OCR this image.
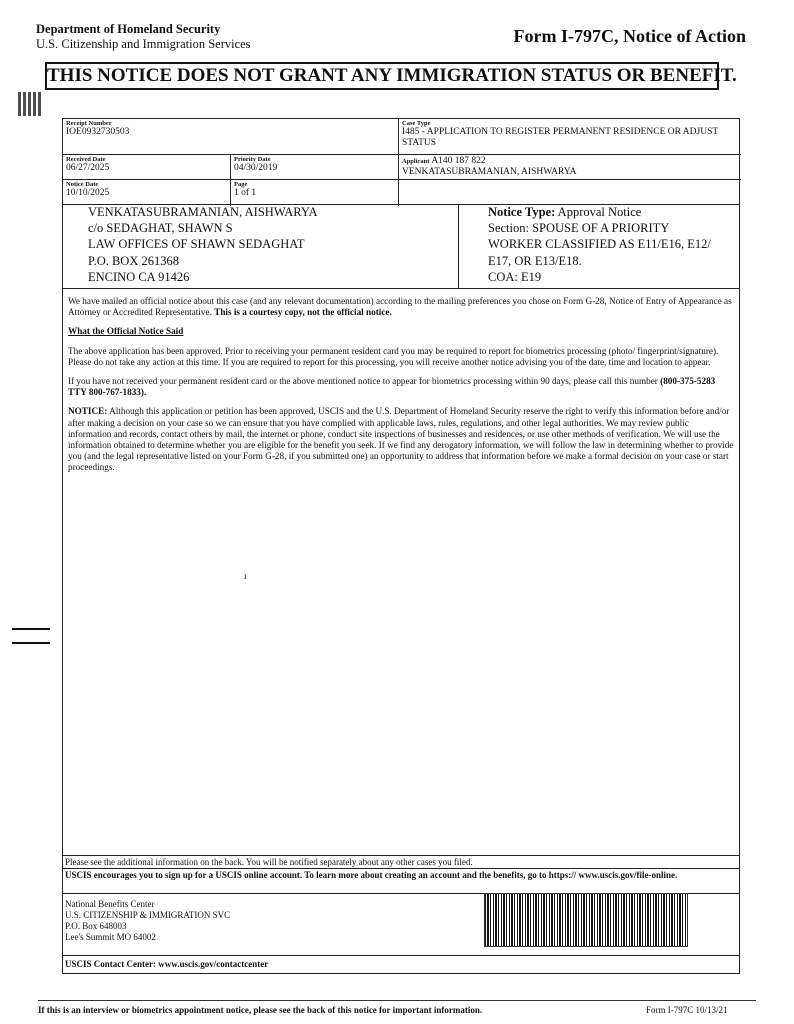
Department of Homeland Security
U.S. Citizenship and Immigration Services	Form I-797C, Notice of Action
THIS NOTICE DOES NOT GRANT ANY IMMIGRATION STATUS OR BENEFIT.
Receipt Number
IOE0932730503
Case Type
I485 - APPLICATION TO REGISTER PERMANENT RESIDENCE OR ADJUST STATUS
Received Date
06/27/2025
Priority Date
04/30/2019
Applicant A140 187 822
VENKATASUBRAMANIAN, AISHWARYA
Notice Date
10/10/2025
Page
1 of 1
VENKATASUBRAMANIAN, AISHWARYA
c/o SEDAGHAT, SHAWN S
LAW OFFICES OF SHAWN SEDAGHAT
P.O. BOX 261368
ENCINO CA 91426
Notice Type: Approval Notice
Section: SPOUSE OF A PRIORITY
WORKER CLASSIFIED AS E11/E16, E12/
E17, OR E13/E18.
COA: E19

We have mailed an official notice about this case (and any relevant documentation) according to the mailing preferences you chose on Form G-28, Notice of Entry of Appearance as Attorney or Accredited Representative. This is a courtesy copy, not the official notice.

What the Official Notice Said

The above application has been approved. Prior to receiving your permanent resident card you may be required to report for biometrics processing (photo/ fingerprint/signature). Please do not take any action at this time. If you are required to report for this processing, you will receive another notice advising you of the date, time and location to appear.

If you have not received your permanent resident card or the above mentioned notice to appear for biometrics processing within 90 days, please call this number (800-375-5283 TTY 800-767-1833).

NOTICE: Although this application or petition has been approved, USCIS and the U.S. Department of Homeland Security reserve the right to verify this information before and/or after making a decision on your case so we can ensure that you have complied with applicable laws, rules, regulations, and other legal authorities. We may review public information and records, contact others by mail, the internet or phone, conduct site inspections of businesses and residences, or use other methods of verification. We will use the information obtained to determine whether you are eligible for the benefit you seek. If we find any derogatory information, we will follow the law in determining whether to provide you (and the legal representative listed on your Form G-28, if you submitted one) an opportunity to address that information before we make a formal decision on your case or start proceedings.

ı
Please see the additional information on the back. You will be notified separately about any other cases you filed.
USCIS encourages you to sign up for a USCIS online account. To learn more about creating an account and the benefits, go to https:// www.uscis.gov/file-online.
National Benefits Center
U.S. CITIZENSHIP & IMMIGRATION SVC
P.O. Box 648003
Lee's Summit MO 64002
USCIS Contact Center: www.uscis.gov/contactcenter
If this is an interview or biometrics appointment notice, please see the back of this notice for important information.	Form I-797C 10/13/21
